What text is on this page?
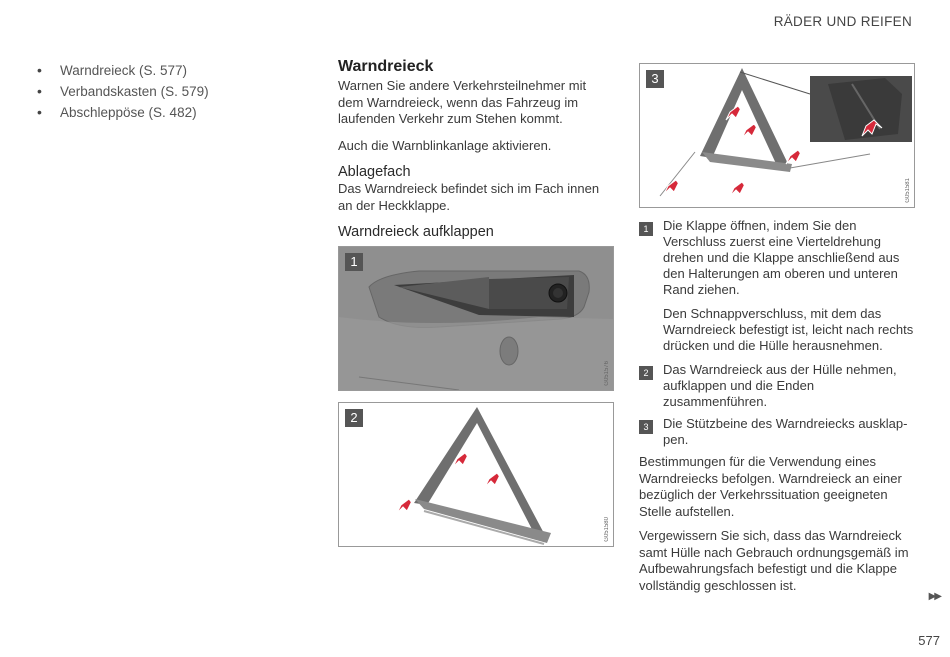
RÄDER UND REIFEN
• Warndreieck (S. 577)
• Verbandskasten (S. 579)
• Abschleppöse (S. 482)
Warndreieck
Warnen Sie andere Verkehrsteilnehmer mit dem Warndreieck, wenn das Fahrzeug im laufenden Verkehr zum Stehen kommt.
Auch die Warnblinkanlage aktivieren.
Ablagefach
Das Warndreieck befindet sich im Fach innen an der Heckklappe.
Warndreieck aufklappen
1
G051576
2
G051580
3
G051581
1	Die Klappe öffnen, indem Sie den Verschluss zuerst eine Vierteldrehung drehen und die Klappe anschließend aus den Halterungen am oberen und unteren Rand ziehen.
Den Schnappverschluss, mit dem das Warndreieck befestigt ist, leicht nach rechts drücken und die Hülle herausnehmen.
2	Das Warndreieck aus der Hülle nehmen, aufklappen und die Enden zusammenführen.
3	Die Stützbeine des Warndreiecks ausklappen.
Bestimmungen für die Verwendung eines Warndreiecks befolgen. Warndreieck an einer bezüglich der Verkehrssituation geeigneten Stelle aufstellen.
Vergewissern Sie sich, dass das Warndreieck samt Hülle nach Gebrauch ordnungsgemäß im Aufbewahrungsfach befestigt und die Klappe vollständig geschlossen ist.
▶▶
577
